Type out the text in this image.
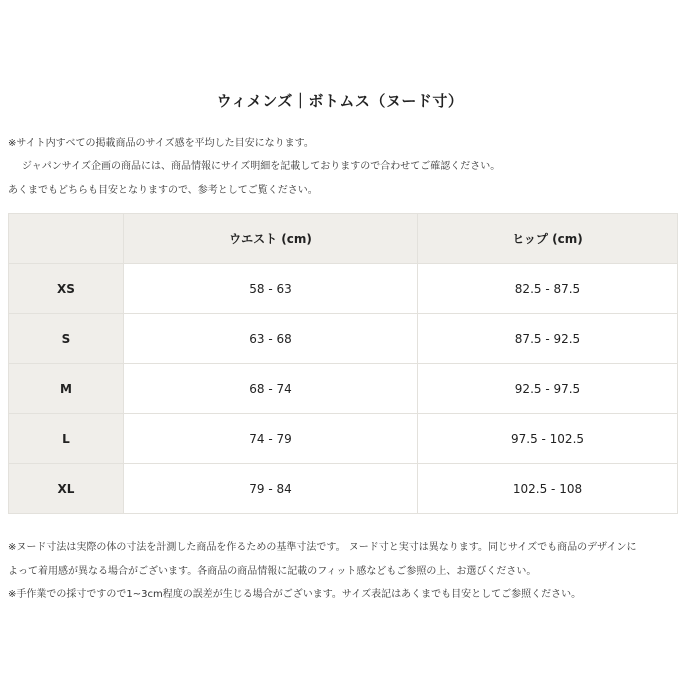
ウィメンズ｜ボトムス（ヌード寸）
※サイト内すべての掲載商品のサイズ感を平均した目安になります。
ジャパンサイズ企画の商品には、商品情報にサイズ明細を記載しておりますので合わせてご確認ください。
あくまでもどちらも目安となりますので、参考としてご覧ください。
	ウエスト (cm)	ヒップ (cm)
XS	58 - 63	82.5 - 87.5
S	63 - 68	87.5 - 92.5
M	68 - 74	92.5 - 97.5
L	74 - 79	97.5 - 102.5
XL	79 - 84	102.5 - 108
※ヌード寸法は実際の体の寸法を計測した商品を作るための基準寸法です。 ヌード寸と実寸は異なります。同じサイズでも商品のデザインに
よって着用感が異なる場合がございます。各商品の商品情報に記載のフィット感などもご参照の上、お選びください。
※手作業での採寸ですので1~3cm程度の誤差が生じる場合がございます。サイズ表記はあくまでも目安としてご参照ください。
